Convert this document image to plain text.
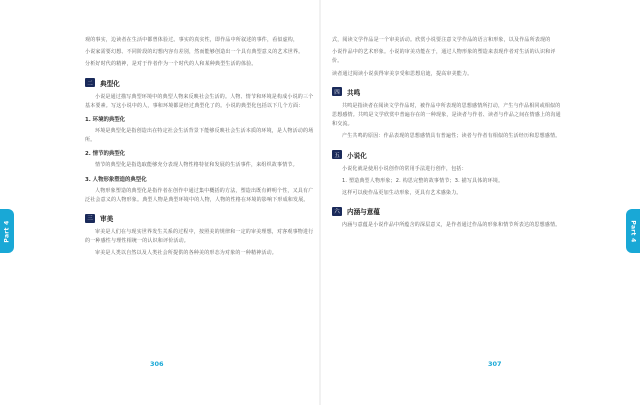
Part 4	Part 4

观的事实，边读者在生活中都曾体验过。事实的真实性，即作品中所叙述的事件，看似虚构，

小说家需要幻想、不同阶段的幻想内容有差别，然而能够创造出一个具有典型意义的艺术世界。

分析好时代的精神，是对于作者作为一个时代的人和某种典型生活的体验。

二	典型化

小说是通过描写典型环境中的典型人物来反映社会生活的。人物、情节和环境是构成小说的三个基本要素。写这小说中的人，事和环境都是经过典型化了的。小说的典型化包括以下几个方面：

1. 环境的典型化

环境是典型化是指创造出在特定社会生活背景下能够反映社会生活本质的环境，是人物活动的场所。

2. 情节的典型化

情节的典型化是指选取能够充分表现人物性格特征和发展的生活事件，来组织故事情节。

3. 人物形象塑造的典型化

人物形象塑造的典型化是指作者在创作中通过集中概括的方法，塑造出既有鲜明个性，又具有广泛社会意义的人物形象。典型人物是典型环境中的人物，人物的性格在环境的影响下形成和发展。

三	审美

审美是人们在与现实世界发生关系的过程中，按照美的规律和一定的审美理想，对客观事物进行的一种感性与理性相统一的认识和评价活动。

审美是人类以自然以及人类社会所提供的各种美的形态为对象的一种精神活动。

式，阅读文学作品是一个审美活动。欣赏小说要注意文学作品的语言和形象，以及作品所表现的

小说作品中的艺术形象。小说的审美功能在于，通过人物形象的塑造来表现作者对生活的认识和评价。

读者通过阅读小说获得审美享受和思想启迪，提高审美能力。

四	共鸣

共鸣是指读者在阅读文学作品时，被作品中所表现的思想感情所打动，产生与作品相同或相似的思想感情。共鸣是文学欣赏中普遍存在的一种现象，是读者与作者、读者与作品之间在情感上的沟通和交流。

产生共鸣的原因：作品表现的思想感情具有普遍性；读者与作者有相似的生活经历和思想感情。

五	小说化

小说化就是使用小说创作的常用手法进行创作，包括：

1. 塑造典型人物形象；2. 构思完整的故事情节；3. 描写具体的环境。

这样可以使作品更加生动形象，更具有艺术感染力。

六	内涵与意蕴

内涵与意蕴是小说作品中所蕴含的深层意义，是作者通过作品的形象和情节所表达的思想感情。

306	307
